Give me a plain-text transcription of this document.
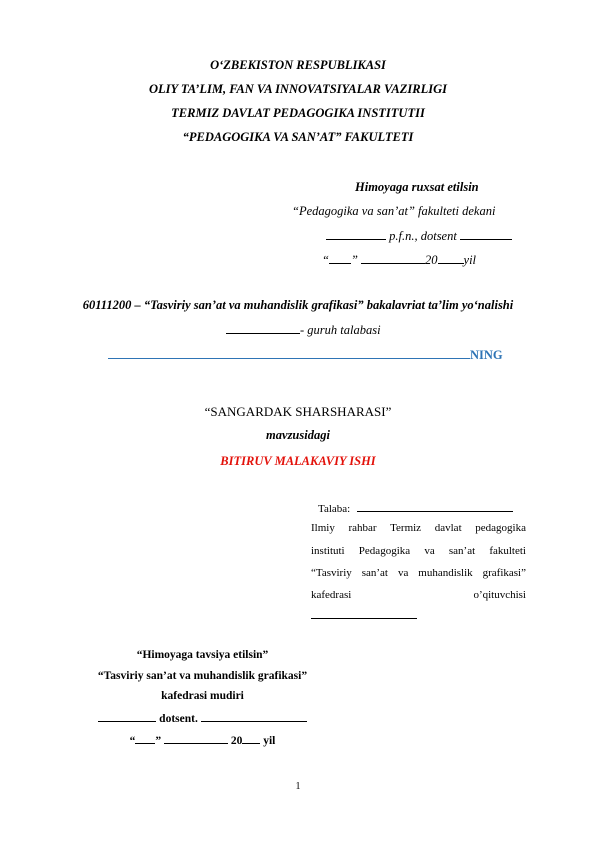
O‘ZBEKISTON RESPUBLIKASI
OLIY TA’LIM, FAN VA INNOVATSIYALAR VAZIRLIGI
TERMIZ DAVLAT PEDAGOGIKA INSTITUTII
“PEDAGOGIKA VA SAN’AT” FAKULTETI
Himoyaga ruxsat etilsin
“Pedagogika va san’at” fakulteti dekani
p.f.n., dotsent
“ ”	20 yil
60111200 – “Tasviriy san’at va muhandislik grafikasi” bakalavriat ta’lim yo‘nalishi
- guruh talabasi
NING
“SANGARDAK SHARSHARASI”
mavzusidagi
BITIRUV MALAKAVIY ISHI
Talaba:
Ilmiy rahbar Termiz davlat pedagogika
instituti Pedagogika va san’at fakulteti
“Tasviriy san’at va muhandislik grafikasi”
kafedrasi	o’qituvchisi
“Himoyaga tavsiya etilsin”
“Tasviriy san’at va muhandislik grafikasi”
kafedrasi mudiri
dotsent.
“ ”	20 yil
1
